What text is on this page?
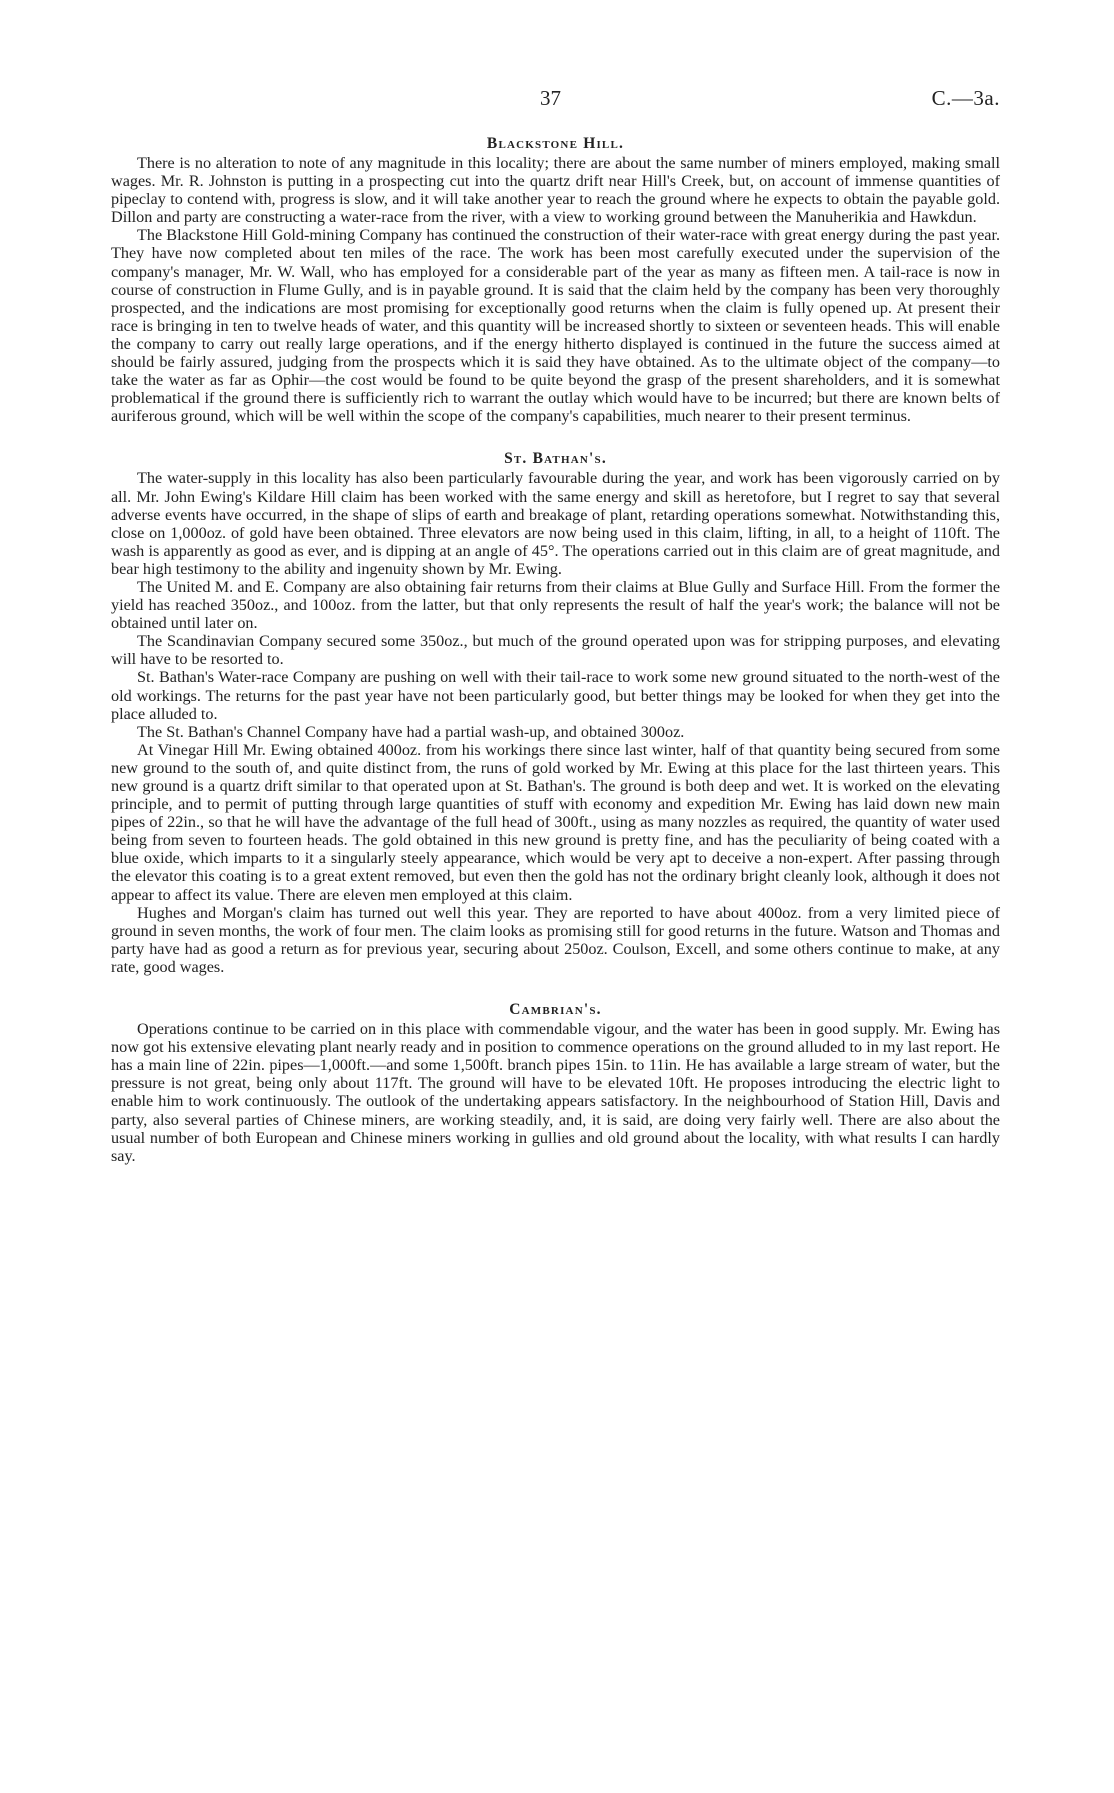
37	C.—3a.
Blackstone Hill.

There is no alteration to note of any magnitude in this locality; there are about the same number of miners employed, making small wages. Mr. R. Johnston is putting in a prospecting cut into the quartz drift near Hill's Creek, but, on account of immense quantities of pipeclay to contend with, progress is slow, and it will take another year to reach the ground where he expects to obtain the payable gold. Dillon and party are constructing a water-race from the river, with a view to working ground between the Manuherikia and Hawkdun.

The Blackstone Hill Gold-mining Company has continued the construction of their water-race with great energy during the past year. They have now completed about ten miles of the race. The work has been most carefully executed under the supervision of the company's manager, Mr. W. Wall, who has employed for a considerable part of the year as many as fifteen men. A tail-race is now in course of construction in Flume Gully, and is in payable ground. It is said that the claim held by the company has been very thoroughly prospected, and the indications are most promising for exceptionally good returns when the claim is fully opened up. At present their race is bringing in ten to twelve heads of water, and this quantity will be increased shortly to sixteen or seventeen heads. This will enable the company to carry out really large operations, and if the energy hitherto displayed is continued in the future the success aimed at should be fairly assured, judging from the prospects which it is said they have obtained. As to the ultimate object of the company—to take the water as far as Ophir—the cost would be found to be quite beyond the grasp of the present shareholders, and it is somewhat problematical if the ground there is sufficiently rich to warrant the outlay which would have to be incurred; but there are known belts of auriferous ground, which will be well within the scope of the company's capabilities, much nearer to their present terminus.

St. Bathan's.

The water-supply in this locality has also been particularly favourable during the year, and work has been vigorously carried on by all. Mr. John Ewing's Kildare Hill claim has been worked with the same energy and skill as heretofore, but I regret to say that several adverse events have occurred, in the shape of slips of earth and breakage of plant, retarding operations somewhat. Notwithstanding this, close on 1,000oz. of gold have been obtained. Three elevators are now being used in this claim, lifting, in all, to a height of 110ft. The wash is apparently as good as ever, and is dipping at an angle of 45°. The operations carried out in this claim are of great magnitude, and bear high testimony to the ability and ingenuity shown by Mr. Ewing.

The United M. and E. Company are also obtaining fair returns from their claims at Blue Gully and Surface Hill. From the former the yield has reached 350oz., and 100oz. from the latter, but that only represents the result of half the year's work; the balance will not be obtained until later on.

The Scandinavian Company secured some 350oz., but much of the ground operated upon was for stripping purposes, and elevating will have to be resorted to.

St. Bathan's Water-race Company are pushing on well with their tail-race to work some new ground situated to the north-west of the old workings. The returns for the past year have not been particularly good, but better things may be looked for when they get into the place alluded to.

The St. Bathan's Channel Company have had a partial wash-up, and obtained 300oz.

At Vinegar Hill Mr. Ewing obtained 400oz. from his workings there since last winter, half of that quantity being secured from some new ground to the south of, and quite distinct from, the runs of gold worked by Mr. Ewing at this place for the last thirteen years. This new ground is a quartz drift similar to that operated upon at St. Bathan's. The ground is both deep and wet. It is worked on the elevating principle, and to permit of putting through large quantities of stuff with economy and expedition Mr. Ewing has laid down new main pipes of 22in., so that he will have the advantage of the full head of 300ft., using as many nozzles as required, the quantity of water used being from seven to fourteen heads. The gold obtained in this new ground is pretty fine, and has the peculiarity of being coated with a blue oxide, which imparts to it a singularly steely appearance, which would be very apt to deceive a non-expert. After passing through the elevator this coating is to a great extent removed, but even then the gold has not the ordinary bright cleanly look, although it does not appear to affect its value. There are eleven men employed at this claim.

Hughes and Morgan's claim has turned out well this year. They are reported to have about 400oz. from a very limited piece of ground in seven months, the work of four men. The claim looks as promising still for good returns in the future. Watson and Thomas and party have had as good a return as for previous year, securing about 250oz. Coulson, Excell, and some others continue to make, at any rate, good wages.

Cambrian's.

Operations continue to be carried on in this place with commendable vigour, and the water has been in good supply. Mr. Ewing has now got his extensive elevating plant nearly ready and in position to commence operations on the ground alluded to in my last report. He has a main line of 22in. pipes—1,000ft.—and some 1,500ft. branch pipes 15in. to 11in. He has available a large stream of water, but the pressure is not great, being only about 117ft. The ground will have to be elevated 10ft. He proposes introducing the electric light to enable him to work continuously. The outlook of the undertaking appears satisfactory. In the neighbourhood of Station Hill, Davis and party, also several parties of Chinese miners, are working steadily, and, it is said, are doing very fairly well. There are also about the usual number of both European and Chinese miners working in gullies and old ground about the locality, with what results I can hardly say.
